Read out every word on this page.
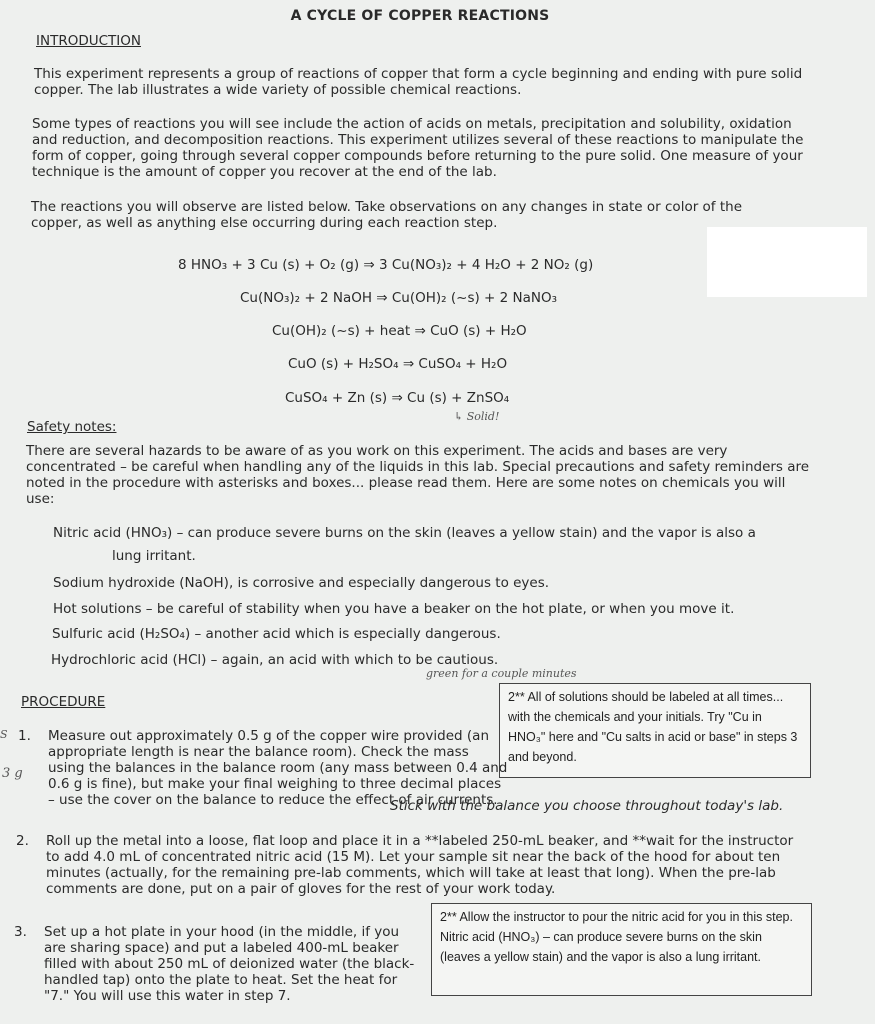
A CYCLE OF COPPER REACTIONS
INTRODUCTION
This experiment represents a group of reactions of copper that form a cycle beginning and ending with pure solid copper. The lab illustrates a wide variety of possible chemical reactions.
Some types of reactions you will see include the action of acids on metals, precipitation and solubility, oxidation and reduction, and decomposition reactions. This experiment utilizes several of these reactions to manipulate the form of copper, going through several copper compounds before returning to the pure solid. One measure of your technique is the amount of copper you recover at the end of the lab.
The reactions you will observe are listed below. Take observations on any changes in state or color of the copper, as well as anything else occurring during each reaction step.
8 HNO₃ + 3 Cu (s) + O₂ (g) ⇒ 3 Cu(NO₃)₂ + 4 H₂O + 2 NO₂ (g)
Cu(NO₃)₂ + 2 NaOH ⇒ Cu(OH)₂ (~s) + 2 NaNO₃
Cu(OH)₂ (~s) + heat ⇒ CuO (s) + H₂O
CuO (s) + H₂SO₄ ⇒ CuSO₄ + H₂O
CuSO₄ + Zn (s) ⇒ Cu (s) + ZnSO₄
↳ Solid!
Safety notes:
There are several hazards to be aware of as you work on this experiment. The acids and bases are very concentrated – be careful when handling any of the liquids in this lab. Special precautions and safety reminders are noted in the procedure with asterisks and boxes... please read them. Here are some notes on chemicals you will use:
Nitric acid (HNO₃) – can produce severe burns on the skin (leaves a yellow stain) and the vapor is also a
lung irritant.
Sodium hydroxide (NaOH), is corrosive and especially dangerous to eyes.
Hot solutions – be careful of stability when you have a beaker on the hot plate, or when you move it.
Sulfuric acid (H₂SO₄) – another acid which is especially dangerous.
Hydrochloric acid (HCl) – again, an acid with which to be cautious.
green for a couple minutes
PROCEDURE	2** All of solutions should be labeled at all times... with the chemicals and your initials. Try "Cu in HNO₃" here and "Cu salts in acid or base" in steps 3 and beyond.
S
3 g
1. Measure out approximately 0.5 g of the copper wire provided (an appropriate length is near the balance room). Check the mass using the balances in the balance room (any mass between 0.4 and 0.6 g is fine), but make your final weighing to three decimal places – use the cover on the balance to reduce the effect of air currents.
Stick with the balance you choose throughout today's lab.
2. Roll up the metal into a loose, flat loop and place it in a **labeled 250-mL beaker, and **wait for the instructor to add 4.0 mL of concentrated nitric acid (15 M). Let your sample sit near the back of the hood for about ten minutes (actually, for the remaining pre-lab comments, which will take at least that long). When the pre-lab comments are done, put on a pair of gloves for the rest of your work today.
2** Allow the instructor to pour the nitric acid for you in this step. Nitric acid (HNO₃) – can produce severe burns on the skin (leaves a yellow stain) and the vapor is also a lung irritant.
3. Set up a hot plate in your hood (in the middle, if you are sharing space) and put a labeled 400-mL beaker filled with about 250 mL of deionized water (the black-handled tap) onto the plate to heat. Set the heat for "7." You will use this water in step 7.
